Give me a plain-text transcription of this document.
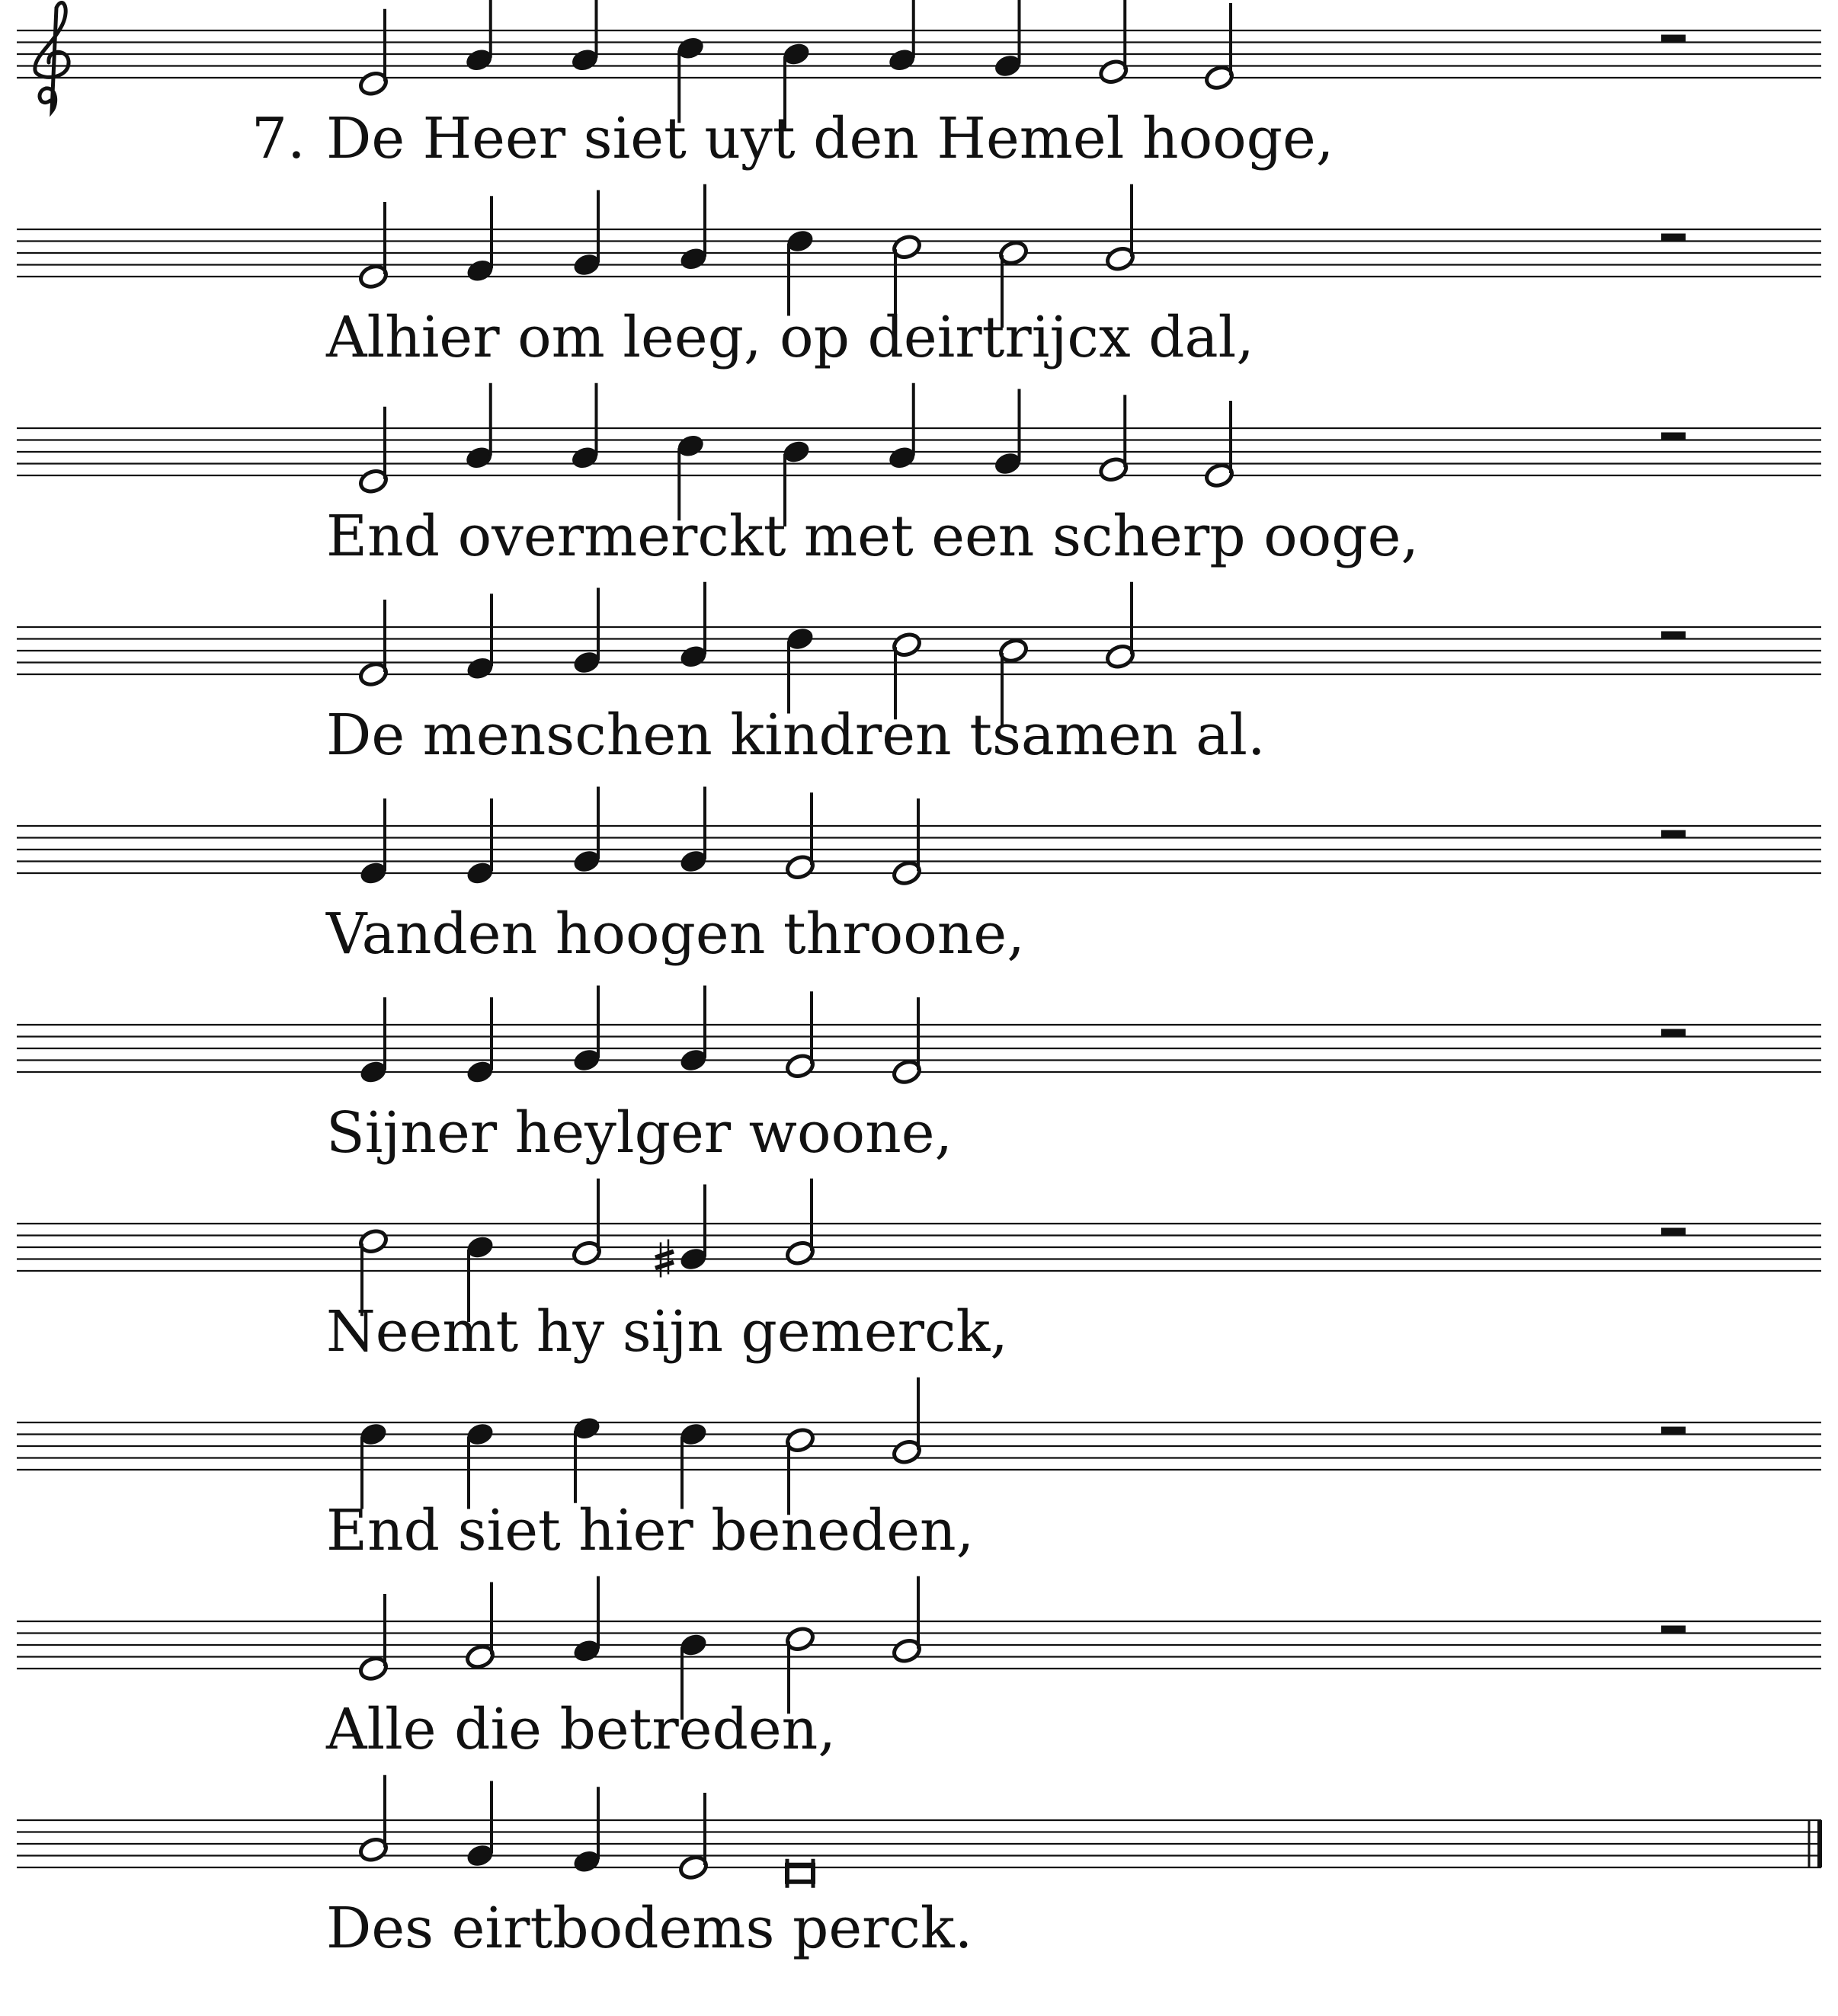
De Heer siet uyt den Hemel hooge,
7.
Alhier om leeg, op deirtrijcx dal,
End overmerckt met een scherp ooge,
De menschen kindren tsamen al.
Vanden hoogen throone,
Sijner heylger woone,
Neemt hy sijn gemerck,
End siet hier beneden,
Alle die betreden,
Des eirtbodems perck.
